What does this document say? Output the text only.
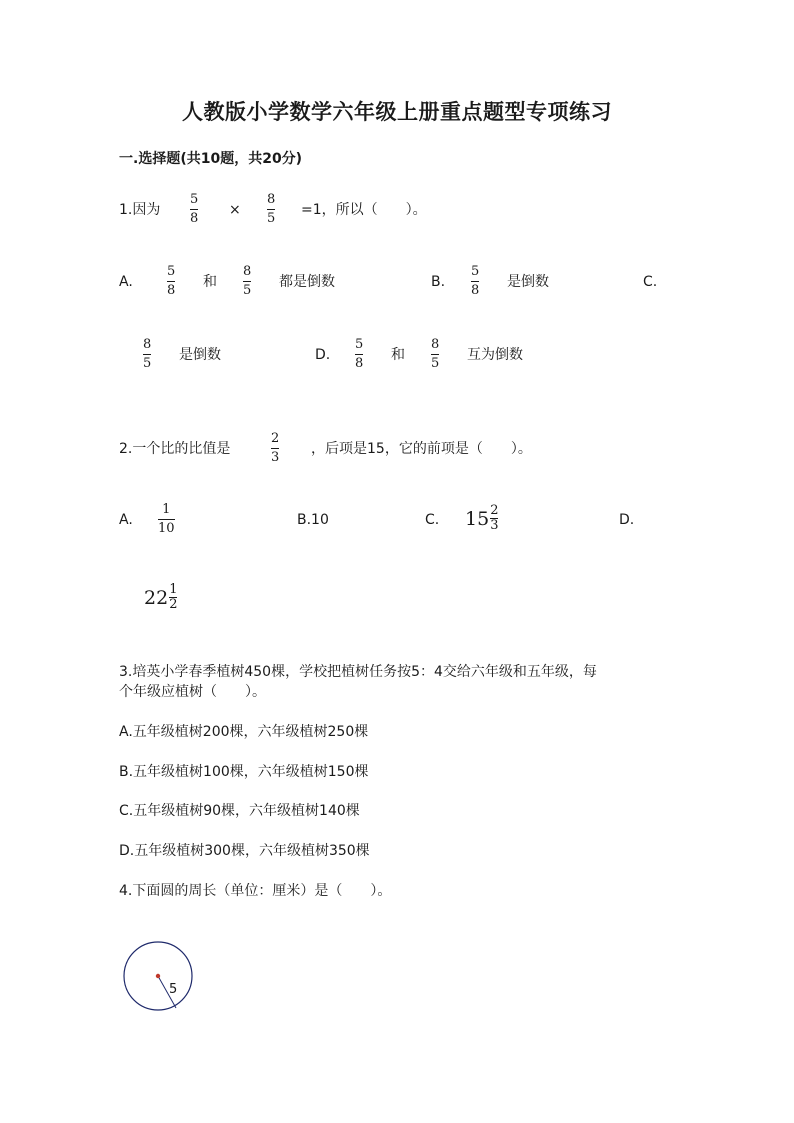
人教版小学数学六年级上册重点题型专项练习
一.选择题(共10题，共20分)
1.因为
5
8
×
8
5
=1，所以（　　）。
A.
5
8
和
8
5
都是倒数	B.
5
8
是倒数	C.
8
5
是倒数	D.
5
8
和
8
5
互为倒数
2.一个比的比值是
2
3
，后项是15，它的前项是（　　）。
A.
1
10
B.10	C. 15 2
3	D.
22 1
2
3.培英小学春季植树450棵，学校把植树任务按5：4交给六年级和五年级，每
个年级应植树（　　）。
A.五年级植树200棵，六年级植树250棵
B.五年级植树100棵，六年级植树150棵
C.五年级植树90棵，六年级植树140棵
D.五年级植树300棵，六年级植树350棵
4.下面圆的周长（单位：厘米）是（　　）。
5
